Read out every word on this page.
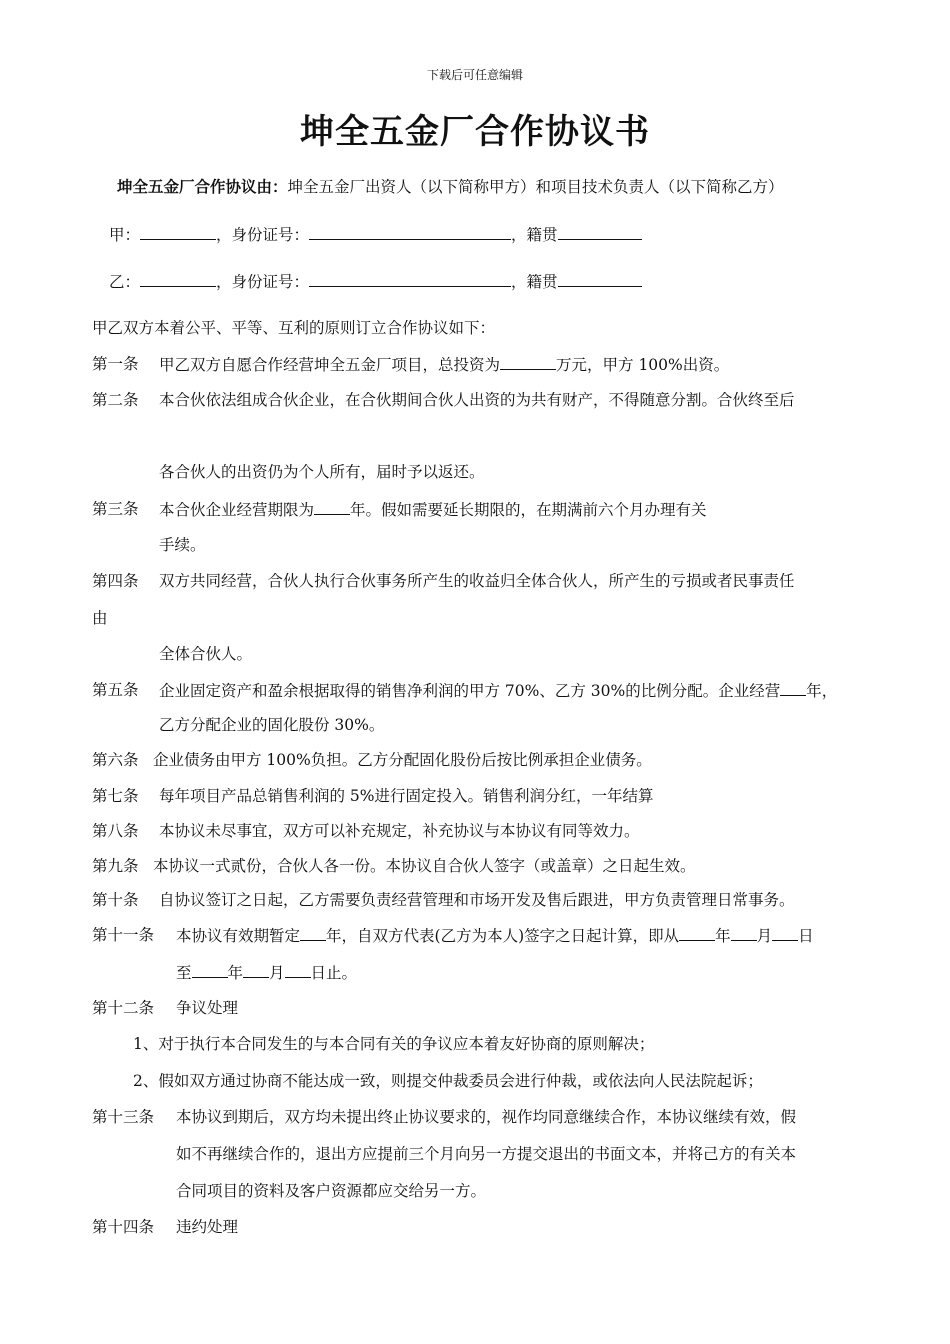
下载后可任意编辑
坤全五金厂合作协议书
坤全五金厂合作协议由：坤全五金厂出资人（以下简称甲方）和项目技术负责人（以下简称乙方）
甲：	，身份证号：	，籍贯
乙：	，身份证号：	，籍贯
甲乙双方本着公平、平等、互利的原则订立合作协议如下：
第一条 甲乙双方自愿合作经营坤全五金厂项目，总投资为	万元，甲方 100%出资。
第二条 本合伙依法组成合伙企业，在合伙期间合伙人出资的为共有财产，不得随意分割。合伙终至后
各合伙人的出资仍为个人所有，届时予以返还。
第三条 本合伙企业经营期限为 年。假如需要延长期限的，在期满前六个月办理有关
手续。
第四条 双方共同经营，合伙人执行合伙事务所产生的收益归全体合伙人，所产生的亏损或者民事责任
由
全体合伙人。
第五条 企业固定资产和盈余根据取得的销售净利润的甲方 70%、乙方 30%的比例分配。企业经营 年，
乙方分配企业的固化股份 30%。
第六条 企业债务由甲方 100%负担。乙方分配固化股份后按比例承担企业债务。
第七条 每年项目产品总销售利润的 5%进行固定投入。销售利润分红，一年结算
第八条 本协议未尽事宜，双方可以补充规定，补充协议与本协议有同等效力。
第九条 本协议一式贰份，合伙人各一份。本协议自合伙人签字（或盖章）之日起生效。
第十条 自协议签订之日起，乙方需要负责经营管理和市场开发及售后跟进，甲方负责管理日常事务。
第十一条 本协议有效期暂定 年，自双方代表(乙方为本人)签字之日起计算，即从 年 月 日
至 年 月 日止。
第十二条 争议处理
1、对于执行本合同发生的与本合同有关的争议应本着友好协商的原则解决；
2、假如双方通过协商不能达成一致，则提交仲裁委员会进行仲裁，或依法向人民法院起诉；
第十三条 本协议到期后，双方均未提出终止协议要求的，视作均同意继续合作，本协议继续有效，假
如不再继续合作的，退出方应提前三个月向另一方提交退出的书面文本，并将己方的有关本
合同项目的资料及客户资源都应交给另一方。
第十四条 违约处理
